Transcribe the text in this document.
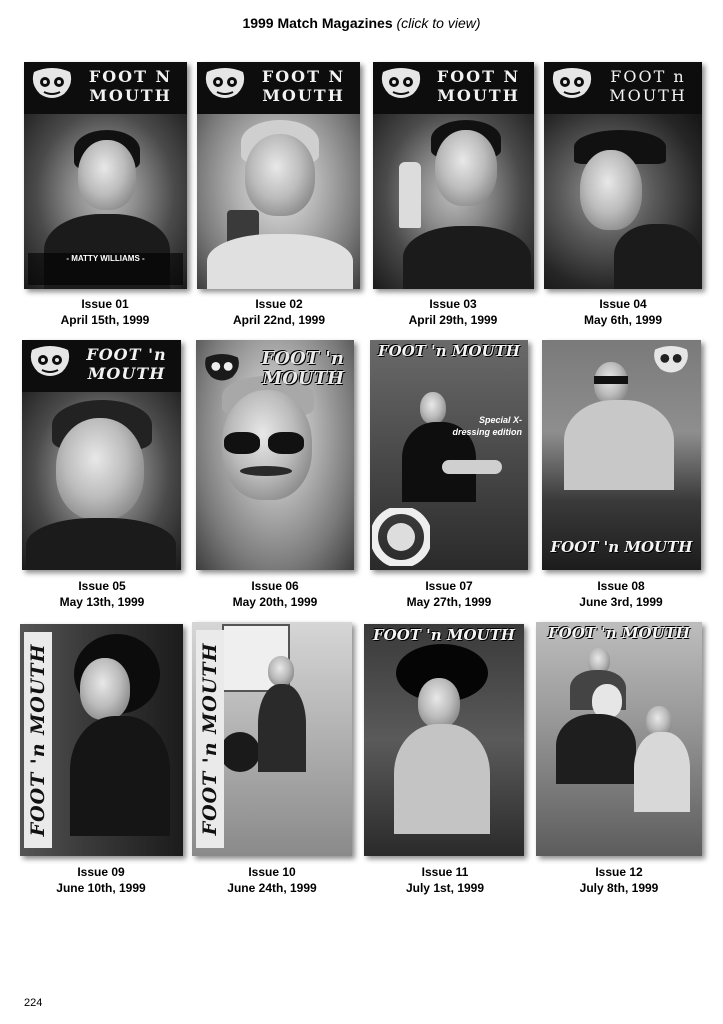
1999 Match Magazines (click to view)
FOOT N
MOUTH
- MATTY WILLIAMS -
Issue 01
April 15th, 1999
FOOT N
MOUTH
Issue 02
April 22nd, 1999
FOOT N
MOUTH
Issue 03
April 29th, 1999
FOOT n
MOUTH
Issue 04
May 6th, 1999
FOOT 'n
MOUTH
Issue 05
May 13th, 1999
FOOT 'n
MOUTH
Issue 06
May 20th, 1999
FOOT 'n MOUTH
Special X-dressing edition
Issue 07
May 27th, 1999
FOOT 'n MOUTH
Issue 08
June 3rd, 1999
FOOT 'n MOUTH
Issue 09
June 10th, 1999
FOOT 'n MOUTH
Issue 10
June 24th, 1999
FOOT 'n MOUTH
Issue 11
July 1st, 1999
FOOT 'n MOUTH
Issue 12
July 8th, 1999
224
